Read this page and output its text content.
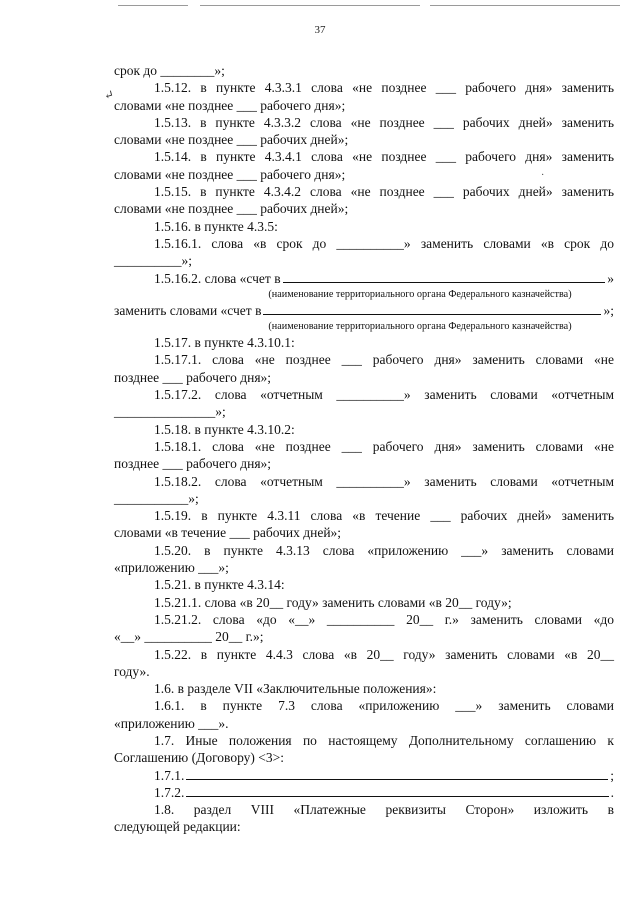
37
↵
·
срок до ________»;
1.5.12. в пункте 4.3.3.1 слова «не позднее ___ рабочего дня» заменить
словами «не позднее ___ рабочего дня»;
1.5.13. в пункте 4.3.3.2 слова «не позднее ___ рабочих дней» заменить
словами «не позднее ___ рабочих дней»;
1.5.14. в пункте 4.3.4.1 слова «не позднее ___ рабочего дня» заменить
словами «не позднее ___ рабочего дня»;
1.5.15. в пункте 4.3.4.2 слова «не позднее ___ рабочих дней» заменить
словами «не позднее ___ рабочих дней»;
1.5.16. в пункте 4.3.5:
1.5.16.1. слова «в срок до __________» заменить словами «в срок до
__________»;
1.5.16.2. слова «счет в	»
(наименование территориального органа Федерального казначейства)
заменить словами «счет в	»;
(наименование территориального органа Федерального казначейства)
1.5.17. в пункте 4.3.10.1:
1.5.17.1. слова «не позднее ___ рабочего дня» заменить словами «не
позднее ___ рабочего дня»;
1.5.17.2. слова «отчетным __________» заменить словами «отчетным
_______________»;
1.5.18. в пункте 4.3.10.2:
1.5.18.1. слова «не позднее ___ рабочего дня» заменить словами «не
позднее ___ рабочего дня»;
1.5.18.2. слова «отчетным __________» заменить словами «отчетным
___________»;
1.5.19. в пункте 4.3.11 слова «в течение ___ рабочих дней» заменить
словами «в течение ___ рабочих дней»;
1.5.20. в пункте 4.3.13 слова «приложению ___» заменить словами
«приложению ___»;
1.5.21. в пункте 4.3.14:
1.5.21.1. слова «в 20__ году» заменить словами «в 20__ году»;
1.5.21.2. слова «до «__» __________ 20__ г.» заменить словами «до
«__» __________ 20__ г.»;
1.5.22. в пункте 4.4.3 слова «в 20__ году» заменить словами «в 20__
году».
1.6. в разделе VII «Заключительные положения»:
1.6.1. в пункте 7.3 слова «приложению ___» заменить словами
«приложению ___».
1.7. Иные положения по настоящему Дополнительному соглашению к
Соглашению (Договору) <3>:
1.7.1.	;
1.7.2.	.
1.8. раздел VIII «Платежные реквизиты Сторон» изложить в
следующей редакции:
